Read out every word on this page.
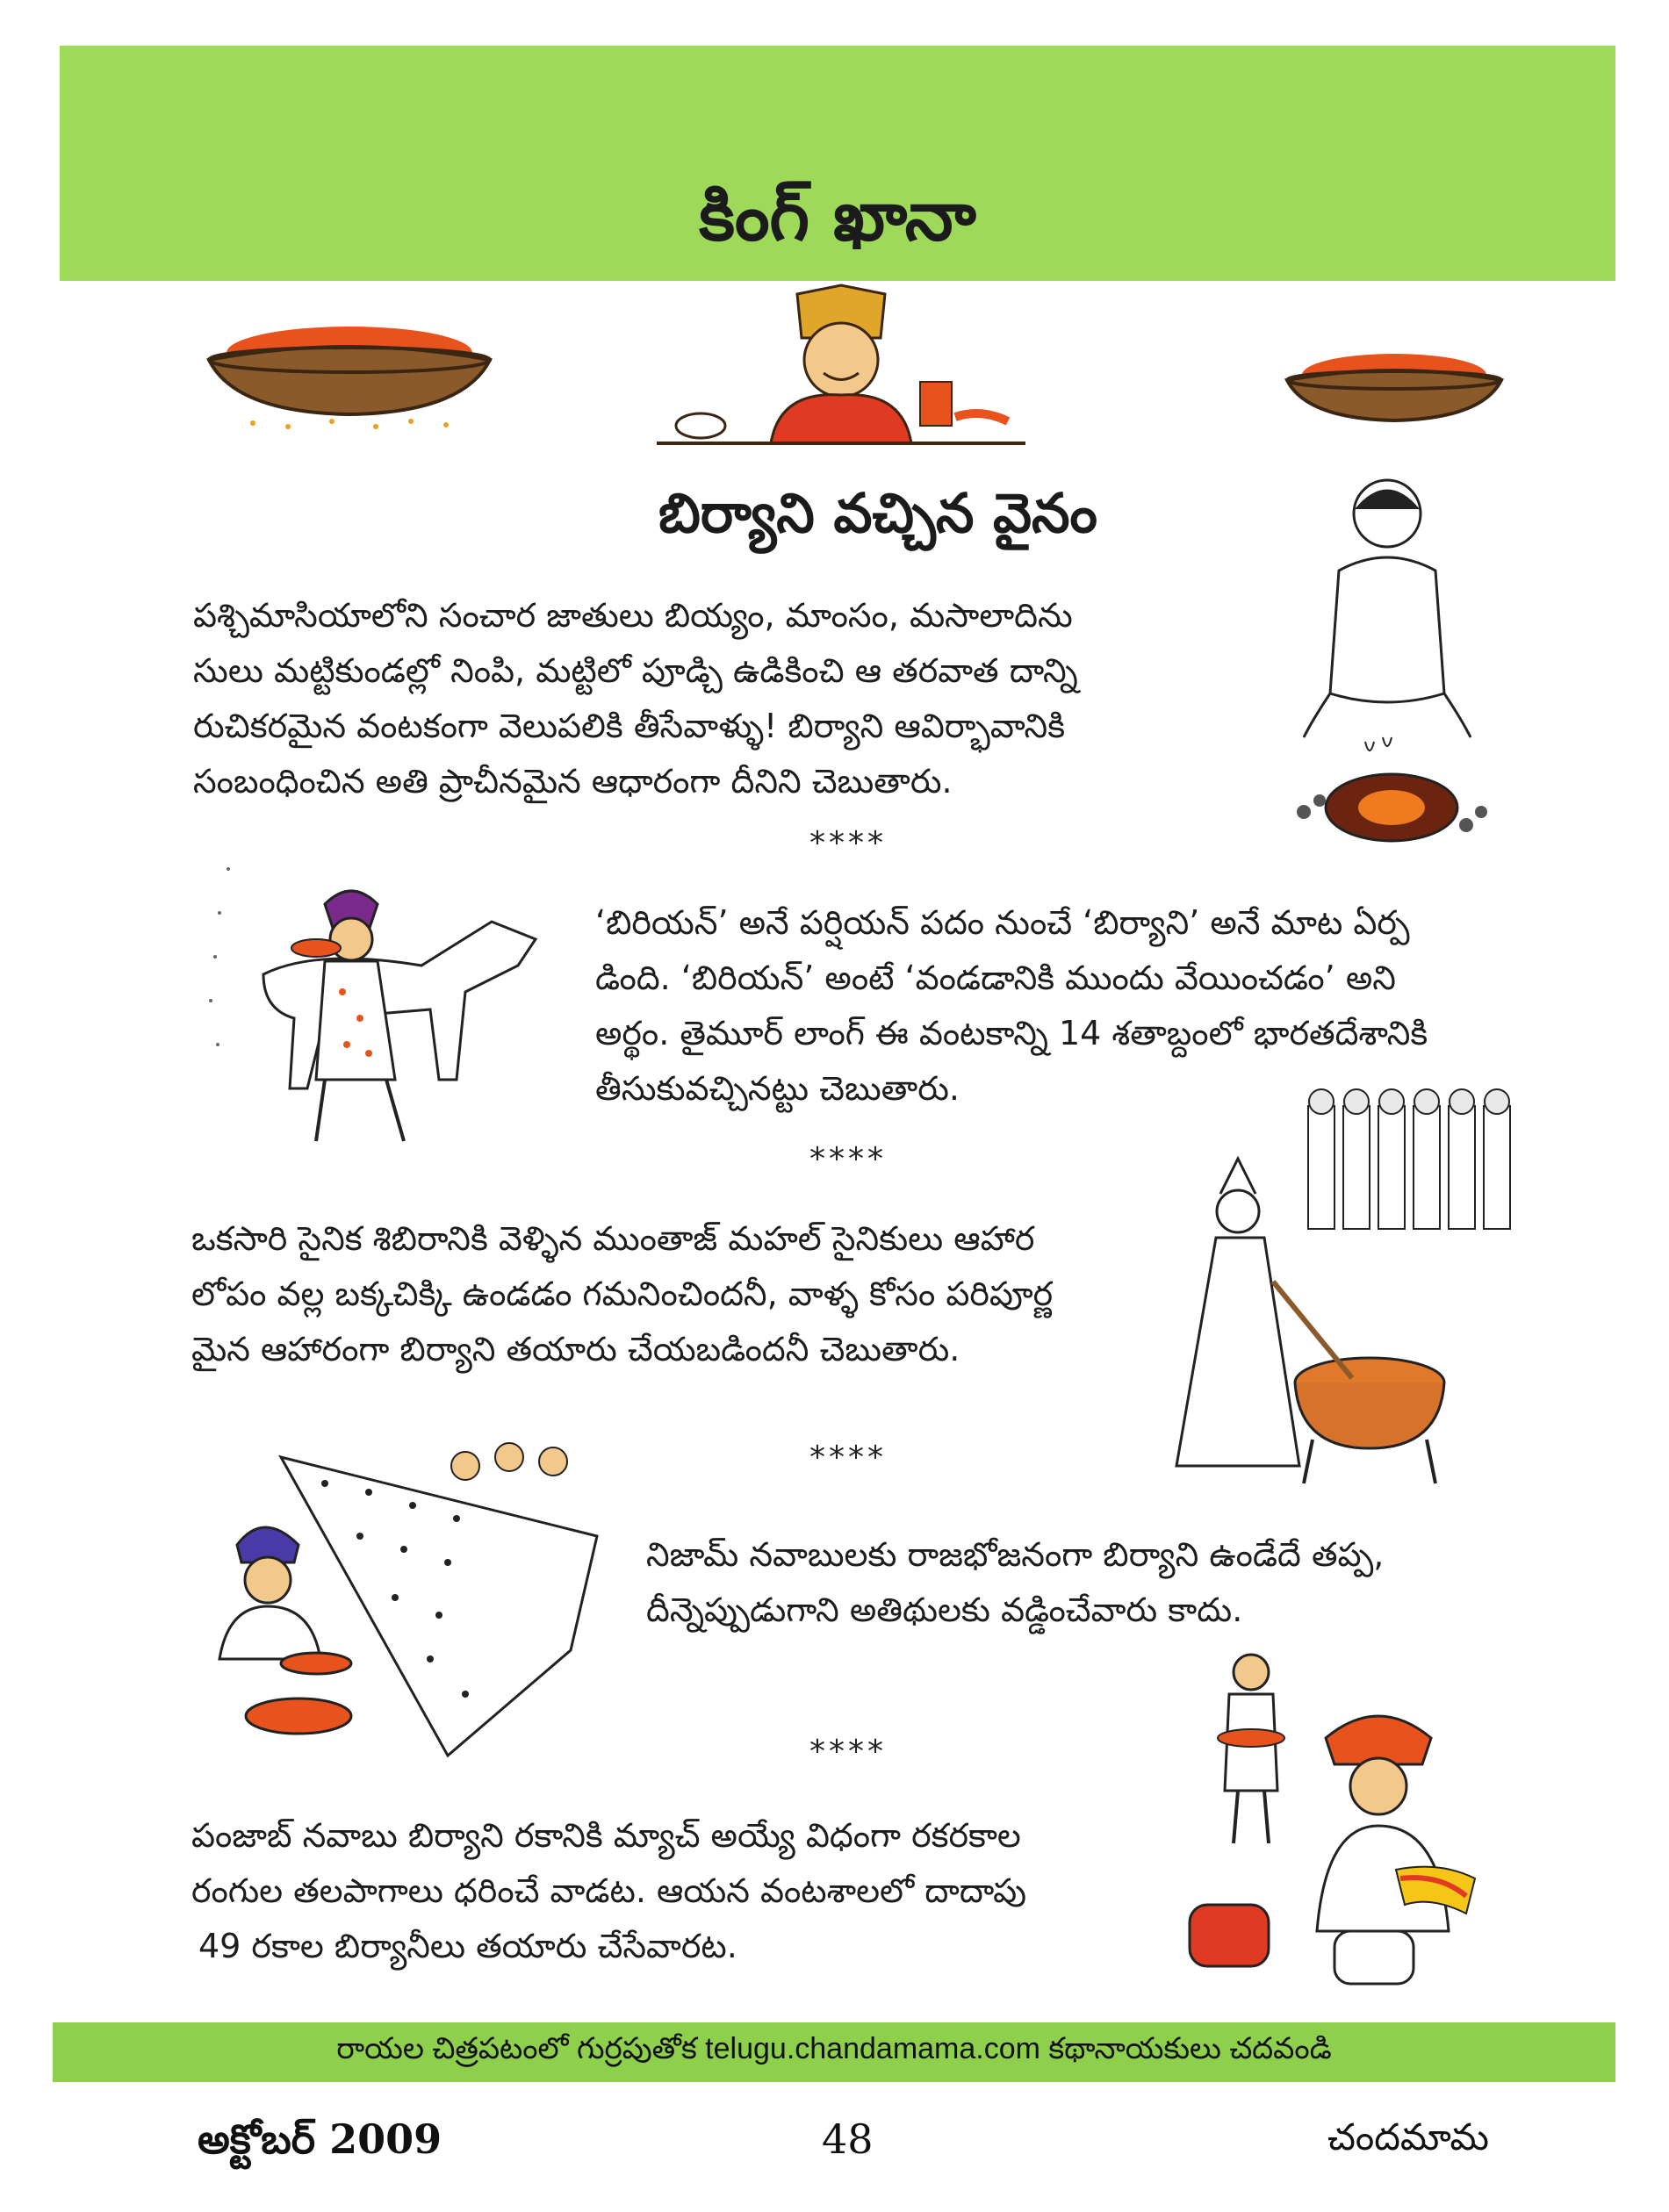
కింగ్ ఖానా
బిర్యాని వచ్చిన వైనం
పశ్చిమాసియాలోని సంచార జాతులు బియ్యం, మాంసం, మసాలాదిను
సులు మట్టికుండల్లో నింపి, మట్టిలో పూడ్చి ఉడికించి ఆ తరవాత దాన్ని
రుచికరమైన వంటకంగా వెలుపలికి తీసేవాళ్ళు! బిర్యాని ఆవిర్భావానికి
సంబంధించిన అతి ప్రాచీనమైన ఆధారంగా దీనిని చెబుతారు.
****
‘బిరియన్’ అనే పర్షియన్ పదం నుంచే ‘బిర్యాని’ అనే మాట ఏర్ప
డింది. ‘బిరియన్’ అంటే ‘వండడానికి ముందు వేయించడం’ అని
అర్థం. తైమూర్ లాంగ్ ఈ వంటకాన్ని 14 శతాబ్దంలో భారతదేశానికి
తీసుకువచ్చినట్టు చెబుతారు.
****
ఒకసారి సైనిక శిబిరానికి వెళ్ళిన ముంతాజ్ మహల్ సైనికులు ఆహార
లోపం వల్ల బక్కచిక్కి ఉండడం గమనించిందనీ, వాళ్ళ కోసం పరిపూర్ణ
మైన ఆహారంగా బిర్యాని తయారు చేయబడిందనీ చెబుతారు.
****
నిజామ్ నవాబులకు రాజభోజనంగా బిర్యాని ఉండేదే తప్ప,
దీన్నెప్పుడుగాని అతిథులకు వడ్డించేవారు కాదు.
****
పంజాబ్ నవాబు బిర్యాని రకానికి మ్యాచ్ అయ్యే విధంగా రకరకాల
రంగుల తలపాగాలు ధరించే వాడట. ఆయన వంటశాలలో దాదాపు
49 రకాల బిర్యానీలు తయారు చేసేవారట.
రాయల చిత్రపటంలో గుర్రపుతోక telugu.chandamama.com కథానాయకులు చదవండి
అక్టోబర్ 2009	48	చందమామ
